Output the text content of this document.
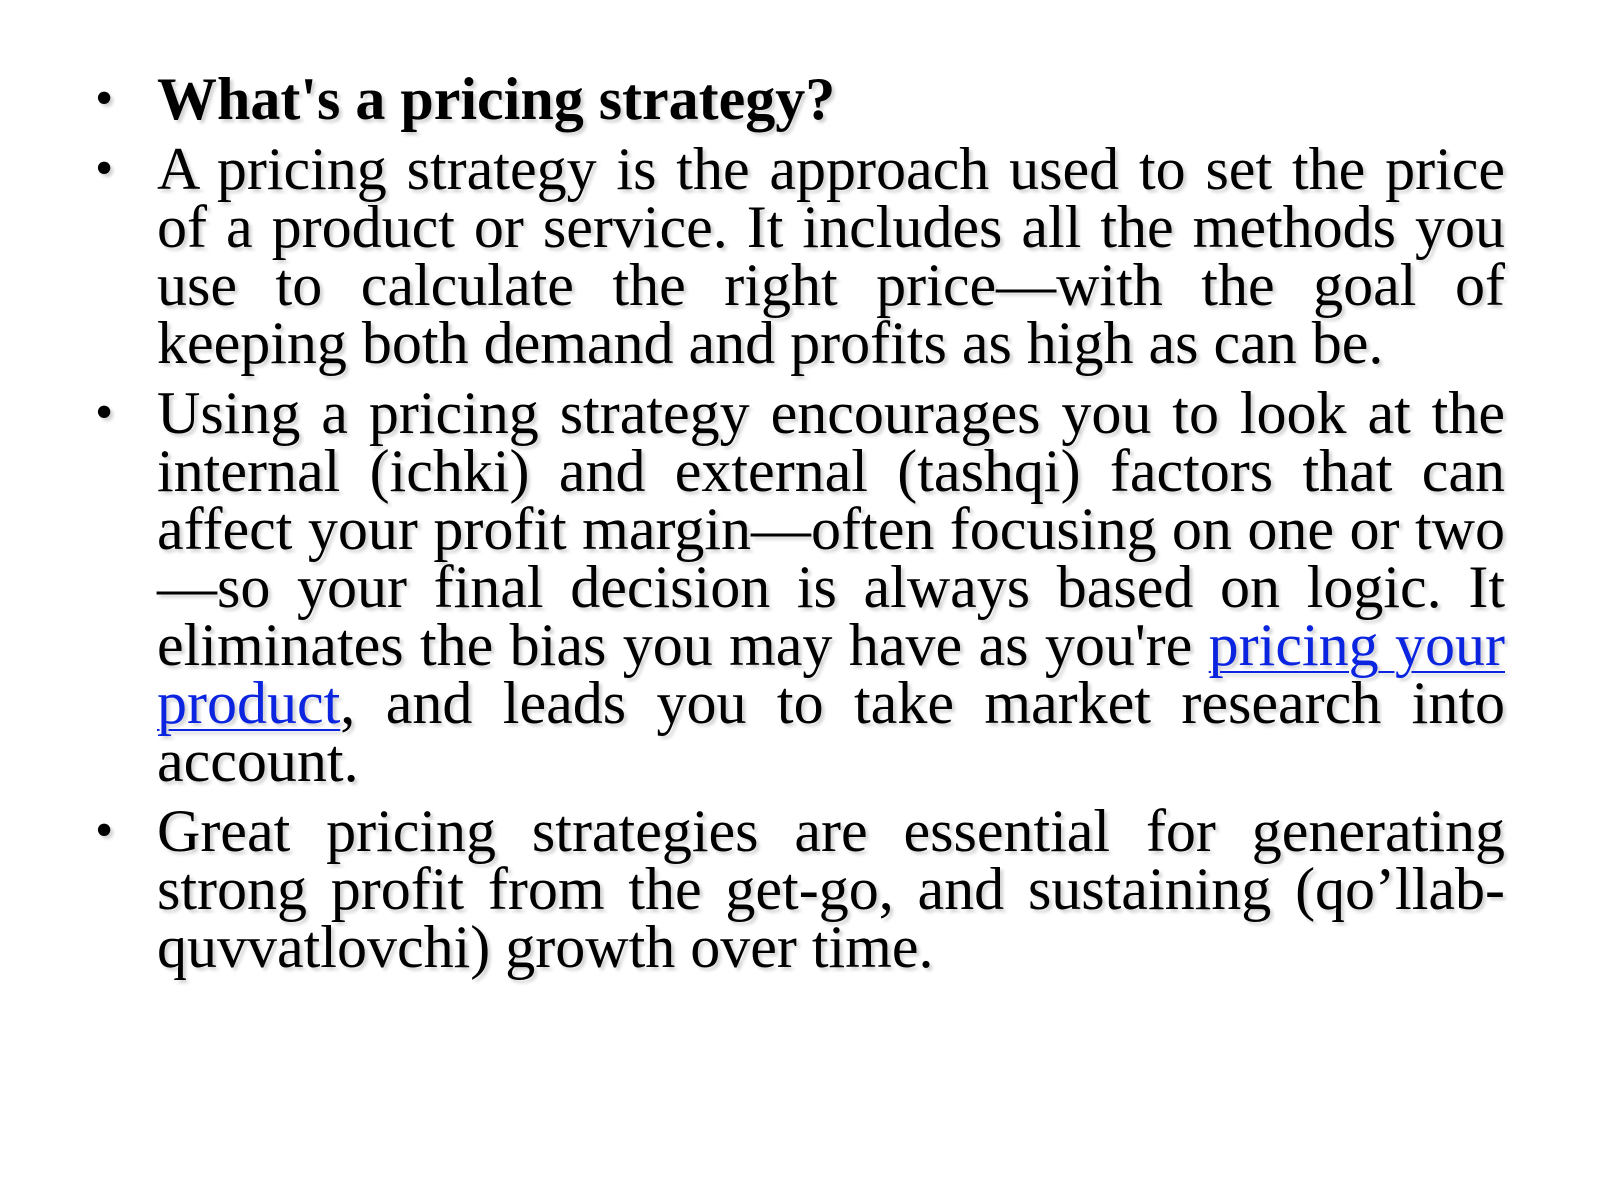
• What's a pricing strategy?
• A pricing strategy is the approach used to set the price of a product or service. It includes all the methods you use to calculate the right price—with the goal of keeping both demand and profits as high as can be.
• Using a pricing strategy encourages you to look at the internal (ichki) and external (tashqi) factors that can affect your profit margin—often focusing on one or two—so your final decision is always based on logic. It eliminates the bias you may have as you're pricing your product, and leads you to take market research into account.
• Great pricing strategies are essential for generating strong profit from the get-go, and sustaining (qo’llab-quvvatlovchi) growth over time.
